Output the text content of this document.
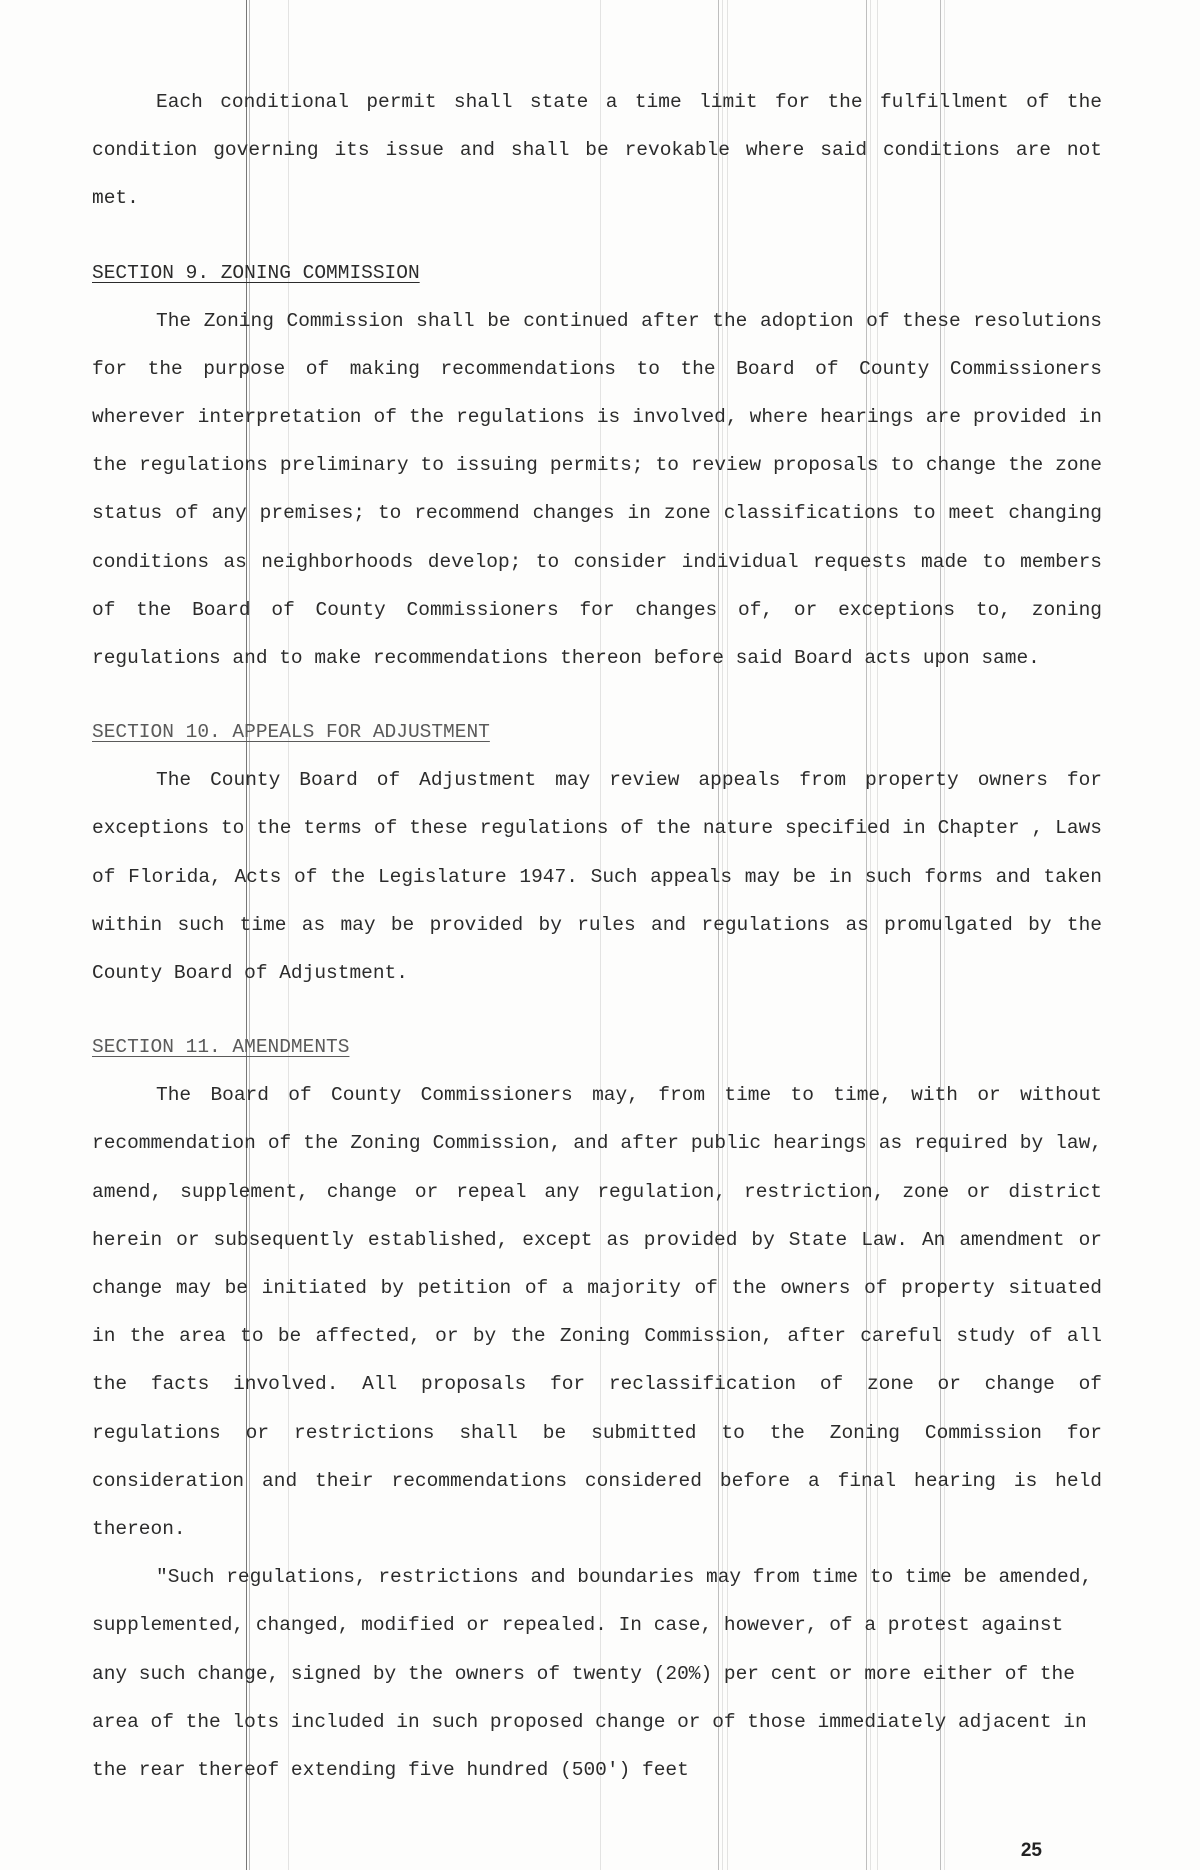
Each conditional permit shall state a time limit for the fulfillment of the condition governing its issue and shall be revokable where said conditions are not met.

SECTION 9. ZONING COMMISSION

The Zoning Commission shall be continued after the adoption of these resolutions for the purpose of making recommendations to the Board of County Commissioners wherever interpretation of the regulations is involved, where hearings are provided in the regulations preliminary to issuing permits; to review proposals to change the zone status of any premises; to recommend changes in zone classifications to meet changing conditions as neighborhoods develop; to consider individual requests made to members of the Board of County Commissioners for changes of, or exceptions to, zoning regulations and to make recommendations thereon before said Board acts upon same.

SECTION 10. APPEALS FOR ADJUSTMENT

The County Board of Adjustment may review appeals from property owners for exceptions to the terms of these regulations of the nature specified in Chapter , Laws of Florida, Acts of the Legislature 1947. Such appeals may be in such forms and taken within such time as may be provided by rules and regulations as promulgated by the County Board of Adjustment.

SECTION 11. AMENDMENTS

The Board of County Commissioners may, from time to time, with or without recommendation of the Zoning Commission, and after public hearings as required by law, amend, supplement, change or repeal any regulation, restriction, zone or district herein or subsequently established, except as provided by State Law. An amendment or change may be initiated by petition of a majority of the owners of property situated in the area to be affected, or by the Zoning Commission, after careful study of all the facts involved. All proposals for reclassification of zone or change of regulations or restrictions shall be submitted to the Zoning Commission for consideration and their recommendations considered before a final hearing is held thereon.

"Such regulations, restrictions and boundaries may from time to time be amended, supplemented, changed, modified or repealed. In case, however, of a protest against any such change, signed by the owners of twenty (20%) per cent or more either of the area of the lots included in such proposed change or of those immediately adjacent in the rear thereof extending five hundred (500') feet

25
